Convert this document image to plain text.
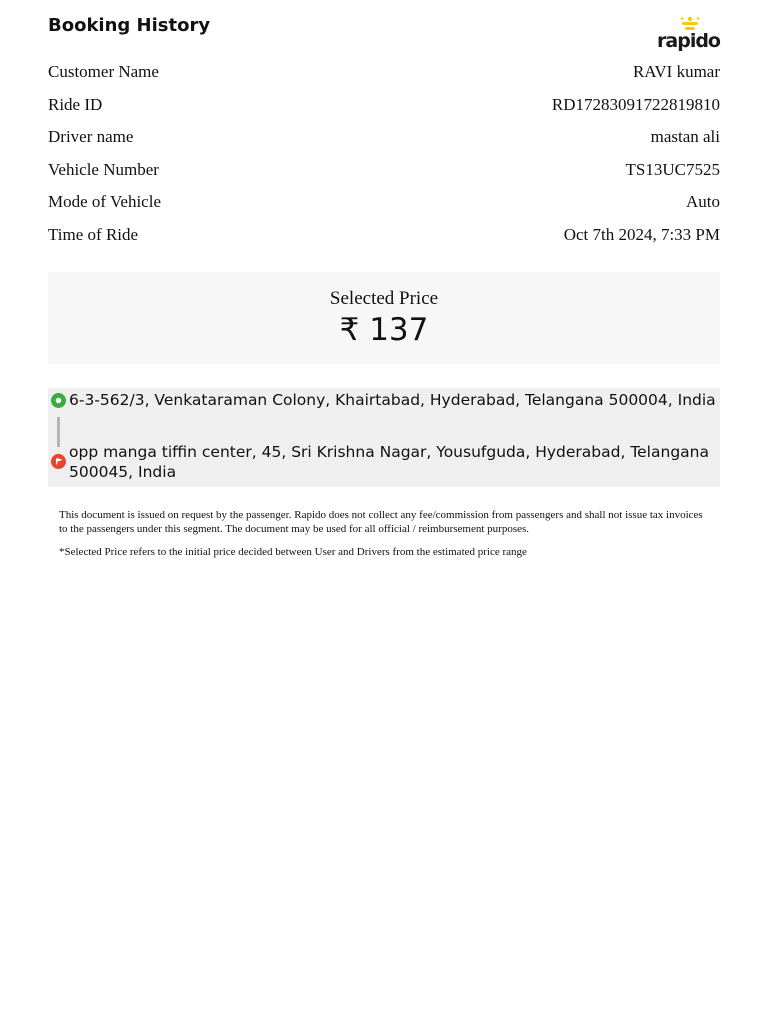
Booking History
rapido
Customer Name	RAVI kumar
Ride ID	RD17283091722819810
Driver name	mastan ali
Vehicle Number	TS13UC7525
Mode of Vehicle	Auto
Time of Ride	Oct 7th 2024, 7:33 PM
Selected Price
₹ 137
6-3-562/3, Venkataraman Colony, Khairtabad, Hyderabad, Telangana 500004, India
opp manga tiffin center, 45, Sri Krishna Nagar, Yousufguda, Hyderabad, Telangana 500045, India

This document is issued on request by the passenger. Rapido does not collect any fee/commission from passengers and shall not issue tax invoices to the passengers under this segment. The document may be used for all official / reimbursement purposes.

*Selected Price refers to the initial price decided between User and Drivers from the estimated price range
